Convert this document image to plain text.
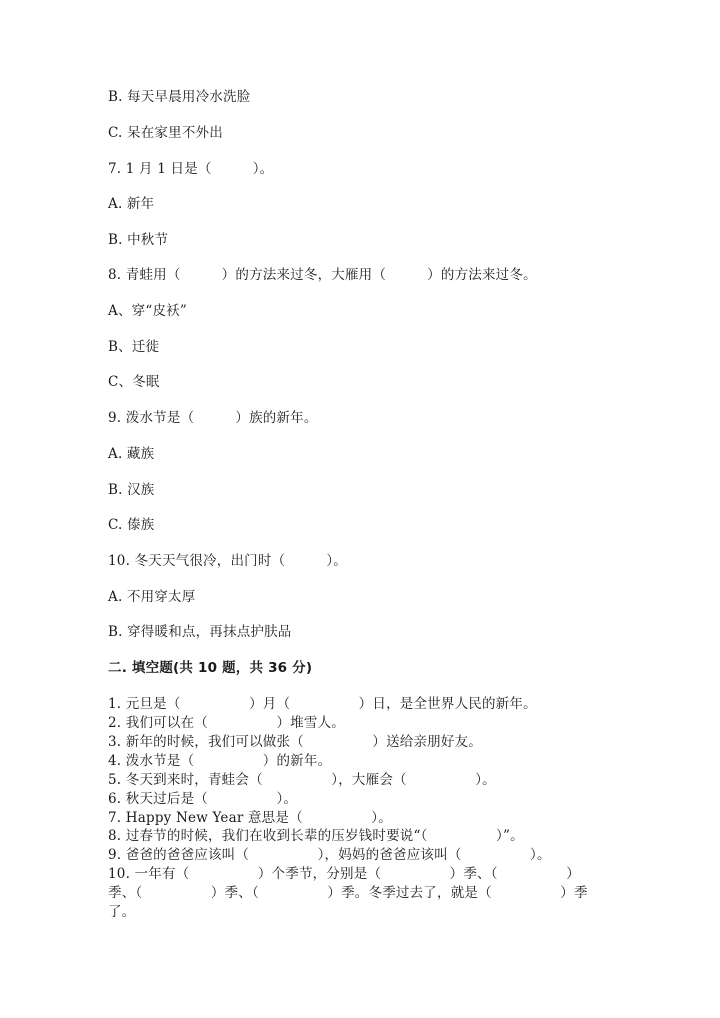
B. 每天早晨用冷水洗脸
C. 呆在家里不外出
7. 1 月 1 日是（　　　）。
A. 新年
B. 中秋节
8. 青蛙用（　　　）的方法来过冬，大雁用（　　　）的方法来过冬。
A、穿“皮袄”
B、迁徙
C、冬眠
9. 泼水节是（　　　）族的新年。
A. 藏族
B. 汉族
C. 傣族
10. 冬天天气很冷，出门时（　　　）。
A. 不用穿太厚
B. 穿得暖和点，再抹点护肤品
二. 填空题(共 10 题，共 36 分)
1. 元旦是（　　　　　）月（　　　　　）日，是全世界人民的新年。
2. 我们可以在（　　　　　）堆雪人。
3. 新年的时候，我们可以做张（　　　　　）送给亲朋好友。
4. 泼水节是（　　　　　）的新年。
5. 冬天到来时，青蛙会（　　　　　），大雁会（　　　　　）。
6. 秋天过后是（　　　　　）。
7. Happy New Year 意思是（　　　　　）。
8. 过春节的时候，我们在收到长辈的压岁钱时要说“（　　　　　）”。
9. 爸爸的爸爸应该叫（　　　　　），妈妈的爸爸应该叫（　　　　　）。
10. 一年有（　　　　　）个季节，分别是（　　　　　）季、（　　　　　）
季、（　　　　　）季、（　　　　　）季。冬季过去了，就是（　　　　　）季
了。
